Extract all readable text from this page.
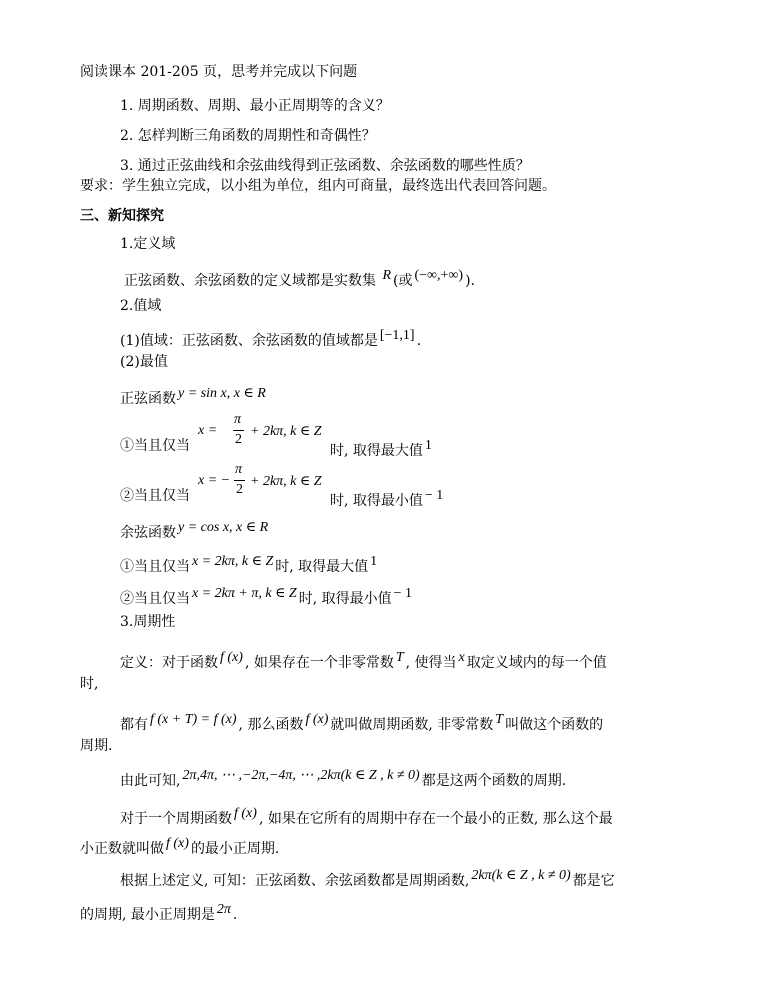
阅读课本 201-205 页，思考并完成以下问题
1. 周期函数、周期、最小正周期等的含义？
2. 怎样判断三角函数的周期性和奇偶性？
3. 通过正弦曲线和余弦曲线得到正弦函数、余弦函数的哪些性质？
要求：学生独立完成，以小组为单位，组内可商量，最终选出代表回答问题。
三、新知探究
1.定义域
正弦函数、余弦函数的定义域都是实数集 R (或 (−∞,+∞) ).
2.值域
(1)值域：正弦函数、余弦函数的值域都是 [−1,1] .
(2)最值
正弦函数 y = sin x, x ∈ R
①当且仅当
x =
π
2
+ 2kπ, k ∈ Z
时, 取得最大值 1
②当且仅当
x = −
π
2
+ 2kπ, k ∈ Z
时, 取得最小值 − 1
余弦函数 y = cos x, x ∈ R
①当且仅当 x = 2kπ, k ∈ Z 时, 取得最大值 1
②当且仅当 x = 2kπ + π, k ∈ Z 时, 取得最小值 − 1
3.周期性
定义：对于函数 f (x) , 如果存在一个非零常数 T , 使得当 x 取定义域内的每一个值
时,
都有 f (x + T) = f (x) , 那么函数 f (x) 就叫做周期函数, 非零常数 T 叫做这个函数的
周期.
由此可知, 2π,4π, ⋯ ,−2π,−4π, ⋯ ,2kπ(k ∈ Z , k ≠ 0) 都是这两个函数的周期.
对于一个周期函数 f (x) , 如果在它所有的周期中存在一个最小的正数, 那么这个最
小正数就叫做 f (x) 的最小正周期.
根据上述定义, 可知：正弦函数、余弦函数都是周期函数, 2kπ(k ∈ Z , k ≠ 0) 都是它
的周期, 最小正周期是 2π .
